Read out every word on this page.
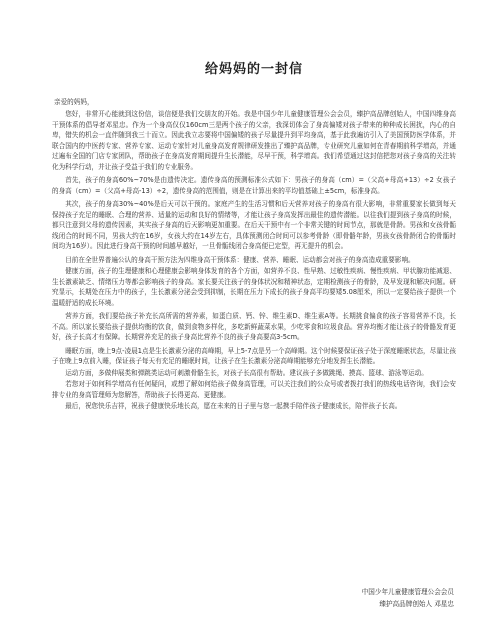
给妈妈的一封信
亲爱的妈妈，

您好，非常开心能就到这份信，谈信便是我们交朋友的开始。我是中国少年儿童健康管理公会会员，臻护高品牌创始人，中国四维身高干预体系的倡导者邓星忠。作为一个身高仅仅160cm三是两个孩子的父亲，我深切体会了身高偏矮对孩子带来的种种成长困扰，内心的自卑，错失的机会一直伴随到我三十而立。因此我立志要将中国偏矮的孩子尽量提升到平均身高，基于此我遍访引入了美国预防医学体系，并联合国内的中医药专家、营养专家、运动专家针对儿童身高发育规律研发推出了臻护高品牌，专业研究儿童如何在青春期前科学增高，并通过遍布全国的门店专家团队，帮助孩子在身高发育期间提升生长潜能，尽早干预，科学增高。我们希望通过这封信把您对孩子身高的关注转化为科学行动，并让孩子受益于我们的专业服务。

首先，孩子的身高60%~70%是由遗传决定。遗传身高的预测标准公式如下：男孩子的身高（cm）=（父高+母高+13）÷2 女孩子的身高（cm）=（父高+母高-13）÷2，遗传身高的范围值，则是在计算出来的平均值基础上±5cm，标准身高。

其次，孩子的身高30%~40%是后天可以干预的。家庭产生的生活习惯和后天营养对孩子的身高有很大影响，非常重要家长做到每天保持孩子充足的睡眠、合理的营养、适量的运动和良好的情绪等，才能让孩子身高发挥出最佳的遗传潜能。以往我们提到孩子身高的时候，都只注意到父母的遗传因素，其实孩子身高的后天影响更加重要。在后天干预中有一个非常关键的时间节点，那就是骨龄。男孩和女孩骨骺线闭合的时间不同，男孩大约在16岁，女孩大约在14岁左右，具体预测闭合时间可以参考骨龄（即骨骼年龄，男孩女孩骨龄闭合的骨骺时间均为16岁）。因此进行身高干预的时间越早越好，一旦骨骺线闭合身高便已定型，再无提升的机会。

目前在全世界普遍公认的身高干预方法为四维身高干预体系：健康、营养、睡眠、运动都会对孩子的身高造成重要影响。

健康方面，孩子的生理健康和心理健康会影响身体发育的各个方面，如营养不良、性早熟、过敏性疾病、慢性疾病、甲状腺功能减退、生长激素缺乏、情绪压力等都会影响孩子的身高。家长要关注孩子的身体状况和精神状态，定期检测孩子的骨龄，及早发现和解决问题。研究显示，长期处在压力中的孩子，生长激素分泌会受到抑制，长期在压力下成长的孩子身高平均要矮5.08厘米，所以一定要给孩子提供一个温暖舒适的成长环境。

营养方面，我们要给孩子补充长高所需的营养素，如蛋白质、钙、锌、维生素D、维生素A等。长期挑食偏食的孩子容易营养不良，长不高。所以家长要给孩子提供均衡的饮食，做到食物多样化，多吃新鲜蔬菜水果，少吃零食和垃圾食品。营养均衡才能让孩子的骨骼发育更好，孩子长高才有保障。长期营养充足的孩子身高比营养不良的孩子身高要高3-5cm。

睡眠方面，晚上9点-凌晨1点是生长激素分泌的高峰期，早上5-7点是另一个高峰期。这个时候要保证孩子处于深度睡眠状态，尽量让孩子在晚上9点前入睡，保证孩子每天有充足的睡眠时间，让孩子在生长激素分泌高峰期能够充分地发挥生长潜能。

运动方面，多做伸展类和弹跳类运动可刺激骨骼生长，对孩子长高很有帮助。建议孩子多做跳绳、摸高、篮球、游泳等运动。

若您对于如何科学增高有任何疑问，或想了解如何给孩子做身高管理，可以关注我们的公众号或者拨打我们的热线电话咨询，我们会安排专业的身高管理师为您解答，帮助孩子长得更高、更健康。

最后，祝您快乐吉祥，祝孩子健康快乐地长高，愿在未来的日子里与您一起携手陪伴孩子健康成长，陪伴孩子长高。

中国少年儿童健康管理公会会员
臻护高品牌创始人 邓星忠
